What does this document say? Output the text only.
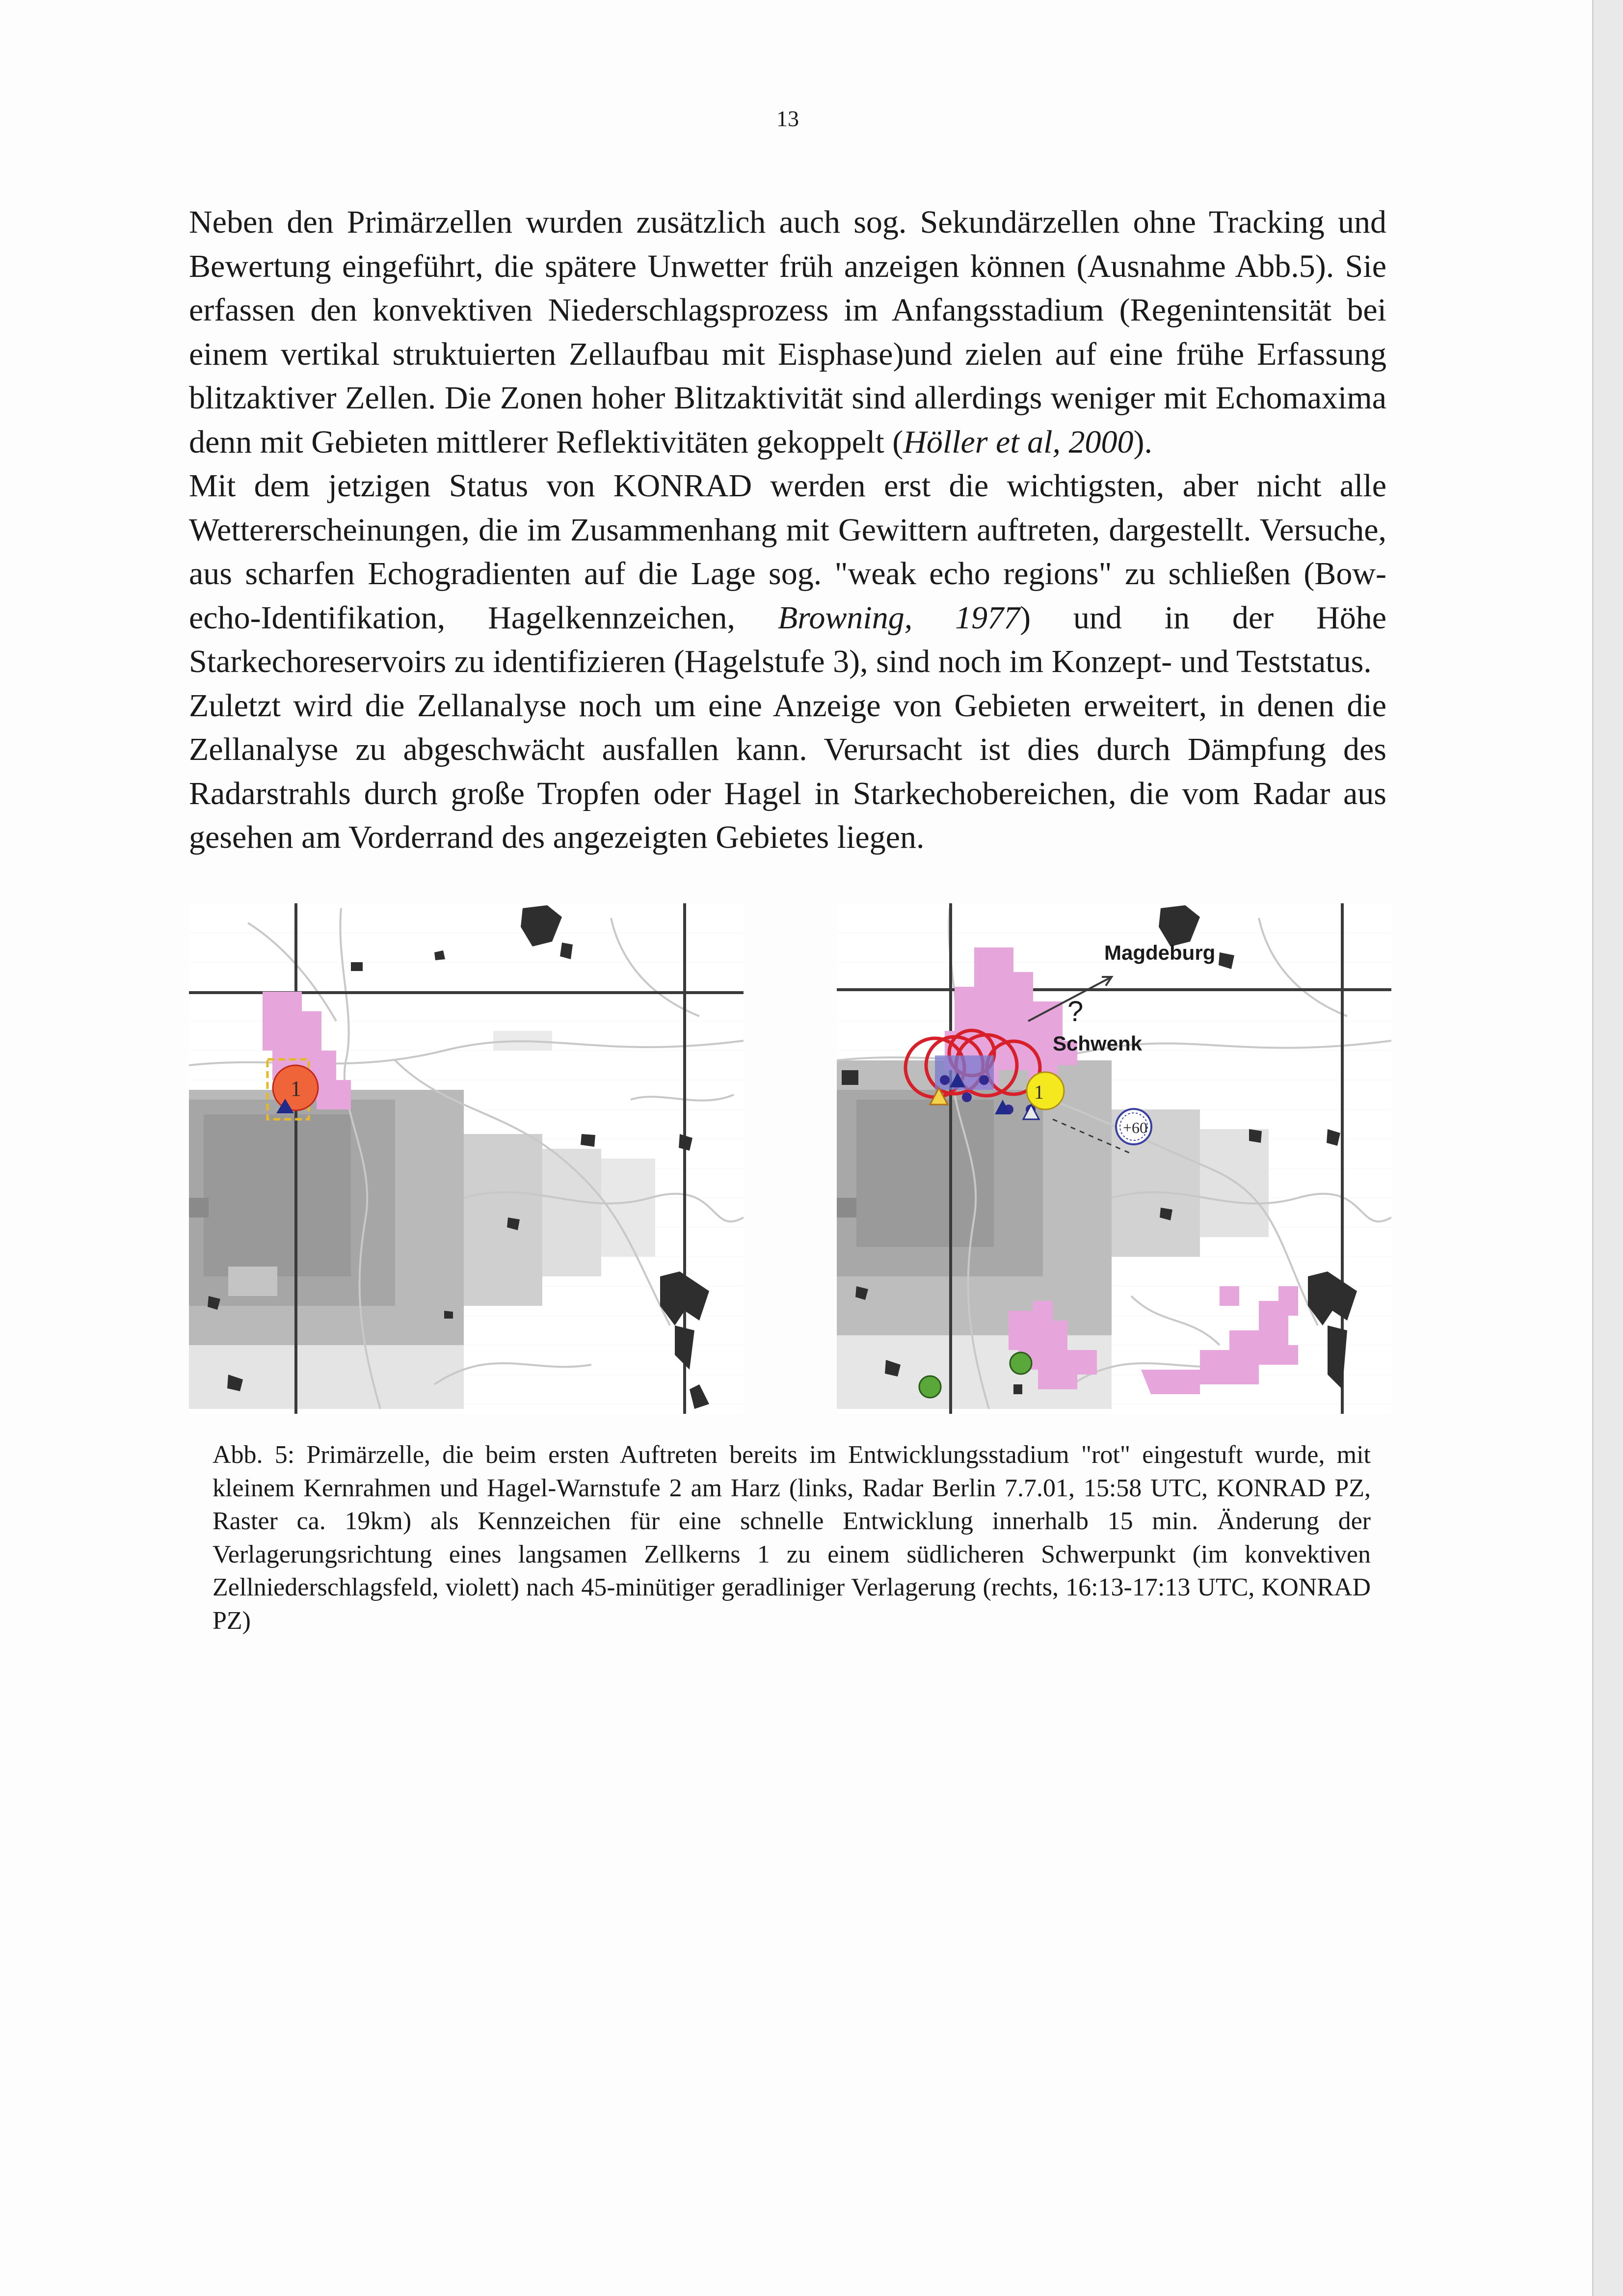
13

Neben den Primärzellen wurden zusätzlich auch sog. Sekundärzellen ohne Tracking und Bewertung eingeführt, die spätere Unwetter früh anzeigen können (Ausnahme Abb.5). Sie erfassen den konvektiven Niederschlagsprozess im Anfangsstadium (Regenintensität bei einem vertikal struktuierten Zellaufbau mit Eisphase)und zielen auf eine frühe Erfassung blitzaktiver Zellen. Die Zonen hoher Blitzaktivität sind allerdings weniger mit Echomaxima denn mit Gebieten mittlerer Reflektivitäten gekoppelt (Höller et al, 2000).

Mit dem jetzigen Status von KONRAD werden erst die wichtigsten, aber nicht alle Wettererscheinungen, die im Zusammenhang mit Gewittern auftreten, dargestellt. Versuche, aus scharfen Echogradienten auf die Lage sog. "weak echo regions" zu schließen (Bow-echo-Identifikation, Hagelkennzeichen, Browning, 1977) und in der Höhe Starkechoreservoirs zu identifizieren (Hagelstufe 3), sind noch im Konzept- und Teststatus.

Zuletzt wird die Zellanalyse noch um eine Anzeige von Gebieten erweitert, in denen die Zellanalyse zu abgeschwächt ausfallen kann. Verursacht ist dies durch Dämpfung des Radarstrahls durch große Tropfen oder Hagel in Starkechobereichen, die vom Radar aus gesehen am Vorderrand des angezeigten Gebietes liegen.

1	1
+60
Magdeburg
Schwenk
?
Abb. 5: Primärzelle, die beim ersten Auftreten bereits im Entwicklungsstadium "rot" eingestuft wurde, mit kleinem Kernrahmen und Hagel-Warnstufe 2 am Harz (links, Radar Berlin 7.7.01, 15:58 UTC, KONRAD PZ, Raster ca. 19km) als Kennzeichen für eine schnelle Entwicklung innerhalb 15 min. Änderung der Verlagerungsrichtung eines langsamen Zellkerns 1 zu einem südlicheren Schwerpunkt (im konvektiven Zellniederschlagsfeld, violett) nach 45-minütiger geradliniger Verlagerung (rechts, 16:13-17:13 UTC, KONRAD PZ)
